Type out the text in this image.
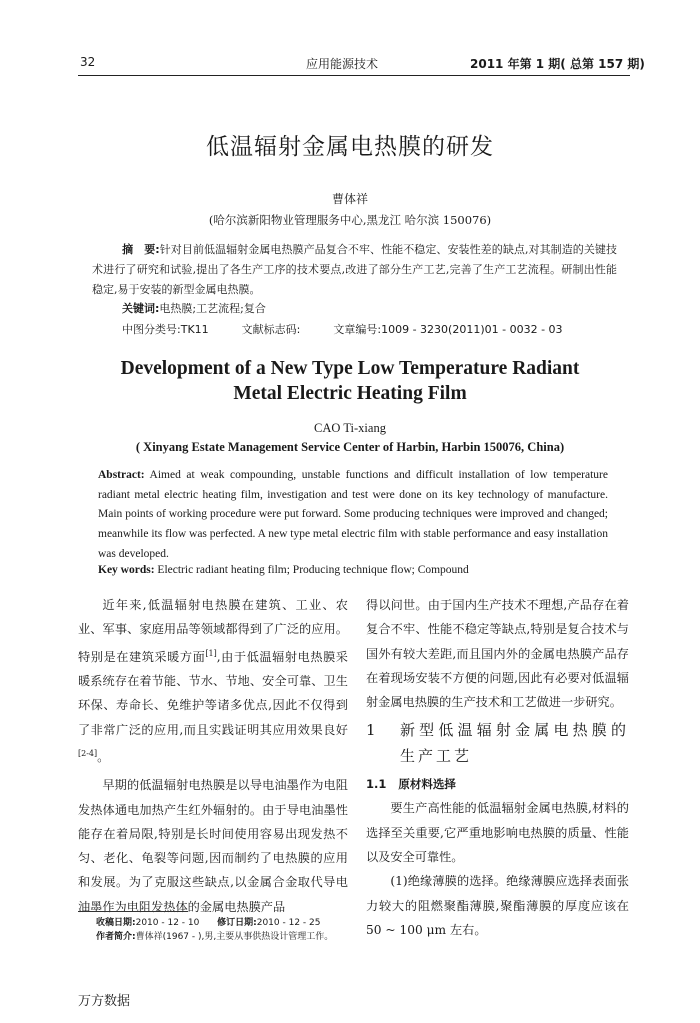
32	应用能源技术	2011 年第 1 期( 总第 157 期)
低温辐射金属电热膜的研发
曹体祥
(哈尔滨新阳物业管理服务中心,黑龙江 哈尔滨 150076)
摘　要:针对目前低温辐射金属电热膜产品复合不牢、性能不稳定、安装性差的缺点,对其制造的关键技术进行了研究和试验,提出了各生产工序的技术要点,改进了部分生产工艺,完善了生产工艺流程。研制出性能稳定,易于安装的新型金属电热膜。
关键词:电热膜;工艺流程;复合
中图分类号:TK11	文献标志码:	文章编号:1009 - 3230(2011)01 - 0032 - 03
Development of a New Type Low Temperature Radiant
Metal Electric Heating Film
CAO Ti-xiang
( Xinyang Estate Management Service Center of Harbin, Harbin 150076, China)
Abstract: Aimed at weak compounding, unstable functions and difficult installation of low temperature radiant metal electric heating film, investigation and test were done on its key technology of manufacture. Main points of working procedure were put forward. Some producing techniques were improved and changed; meanwhile its flow was perfected. A new type metal electric film with stable performance and easy installation was developed.
Key words: Electric radiant heating film; Producing technique flow; Compound

近年来,低温辐射电热膜在建筑、工业、农业、军事、家庭用品等领域都得到了广泛的应用。特别是在建筑采暖方面[1],由于低温辐射电热膜采暖系统存在着节能、节水、节地、安全可靠、卫生环保、寿命长、免维护等诸多优点,因此不仅得到了非常广泛的应用,而且实践证明其应用效果良好[2-4]。

早期的低温辐射电热膜是以导电油墨作为电阻发热体通电加热产生红外辐射的。由于导电油墨性能存在着局限,特别是长时间使用容易出现发热不匀、老化、龟裂等问题,因而制约了电热膜的应用和发展。为了克服这些缺点,以金属合金取代导电油墨作为电阻发热体的金属电热膜产品

得以问世。由于国内生产技术不理想,产品存在着复合不牢、性能不稳定等缺点,特别是复合技术与国外有较大差距,而且国内外的金属电热膜产品存在着现场安装不方便的问题,因此有必要对低温辐射金属电热膜的生产技术和工艺做进一步研究。

1	新型低温辐射金属电热膜的生产工艺
1.1 原材料选择

要生产高性能的低温辐射金属电热膜,材料的选择至关重要,它严重地影响电热膜的质量、性能以及安全可靠性。

(1)绝缘薄膜的选择。绝缘薄膜应选择表面张力较大的阻燃聚酯薄膜,聚酯薄膜的厚度应该在 50 ~ 100 μm 左右。

收稿日期:2010 - 12 - 10 修订日期:2010 - 12 - 25
作者简介:曹体祥(1967 - ),男,主要从事供热设计管理工作。
万方数据
